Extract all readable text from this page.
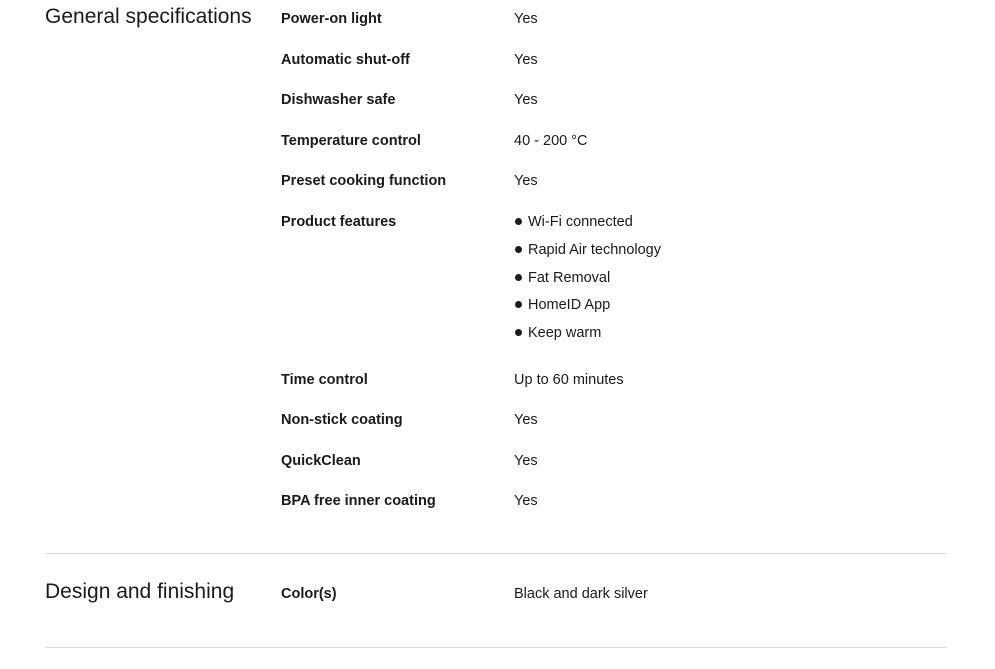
General specifications Power-on light	Yes
Automatic shut-off	Yes
Dishwasher safe	Yes
Temperature control	40 - 200 °C
Preset cooking function	Yes
Product features	Wi-Fi connected
Rapid Air technology
Fat Removal
HomeID App
Keep warm
Time control	Up to 60 minutes
Non-stick coating	Yes
QuickClean	Yes
BPA free inner coating	Yes
Design and finishing	Color(s)	Black and dark silver
